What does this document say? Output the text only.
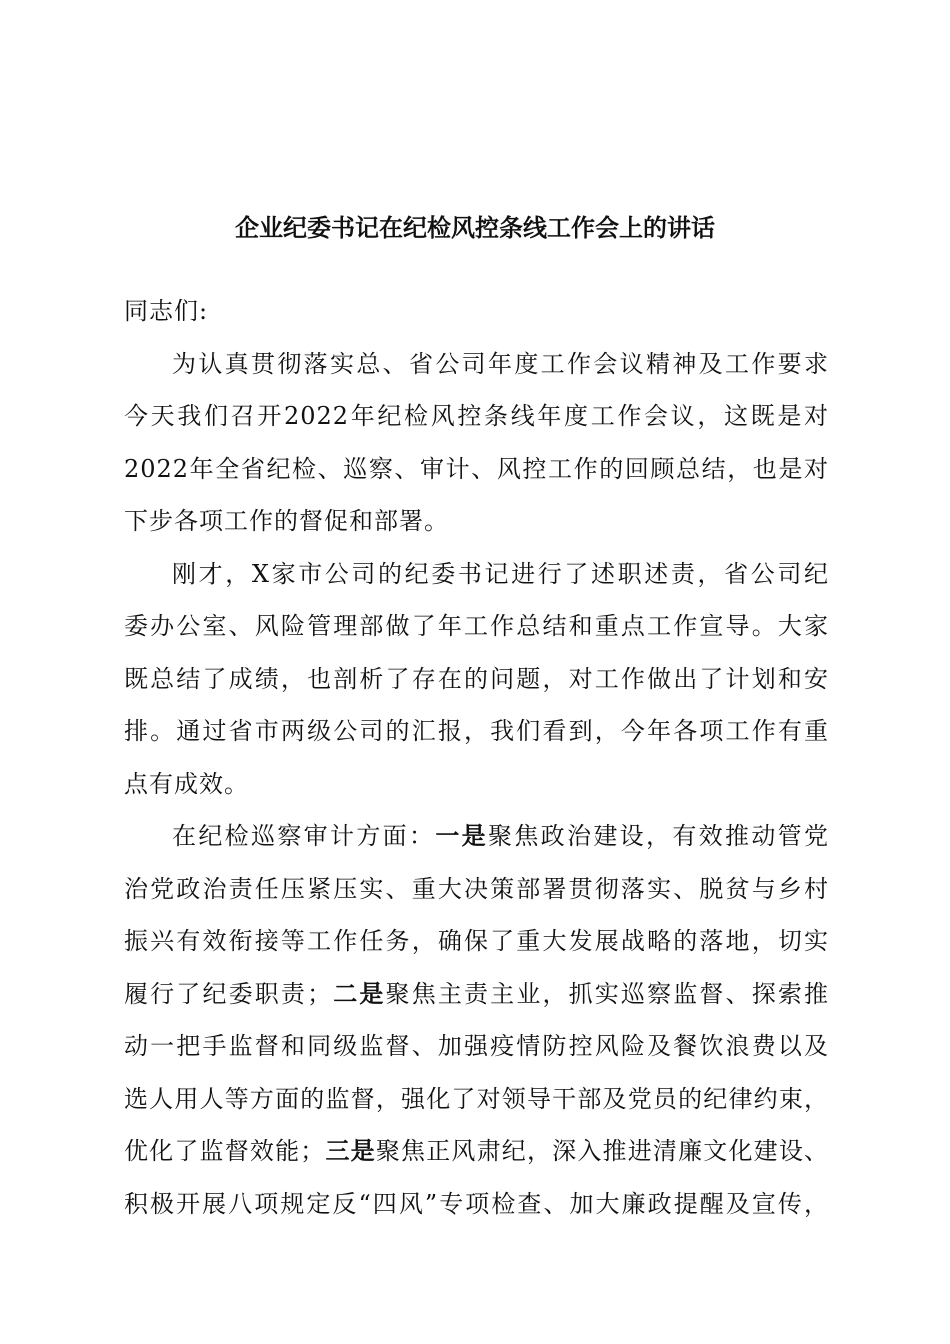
企业纪委书记在纪检风控条线工作会上的讲话
同志们:
为认真贯彻落实总、省公司年度工作会议精神及工作要求
今天我们召开2022年纪检风控条线年度工作会议，这既是对
2022年全省纪检、巡察、审计、风控工作的回顾总结，也是对
下步各项工作的督促和部署。
刚才，X家市公司的纪委书记进行了述职述责，省公司纪
委办公室、风险管理部做了年工作总结和重点工作宣导。大家
既总结了成绩，也剖析了存在的问题，对工作做出了计划和安
排。通过省市两级公司的汇报，我们看到，今年各项工作有重
点有成效。
在纪检巡察审计方面：一是聚焦政治建设，有效推动管党
治党政治责任压紧压实、重大决策部署贯彻落实、脱贫与乡村
振兴有效衔接等工作任务，确保了重大发展战略的落地，切实
履行了纪委职责；二是聚焦主责主业，抓实巡察监督、探索推
动一把手监督和同级监督、加强疫情防控风险及餐饮浪费以及
选人用人等方面的监督，强化了对领导干部及党员的纪律约束，
优化了监督效能；三是聚焦正风肃纪，深入推进清廉文化建设、
积极开展八项规定反“四风”专项检查、加大廉政提醒及宣传，
